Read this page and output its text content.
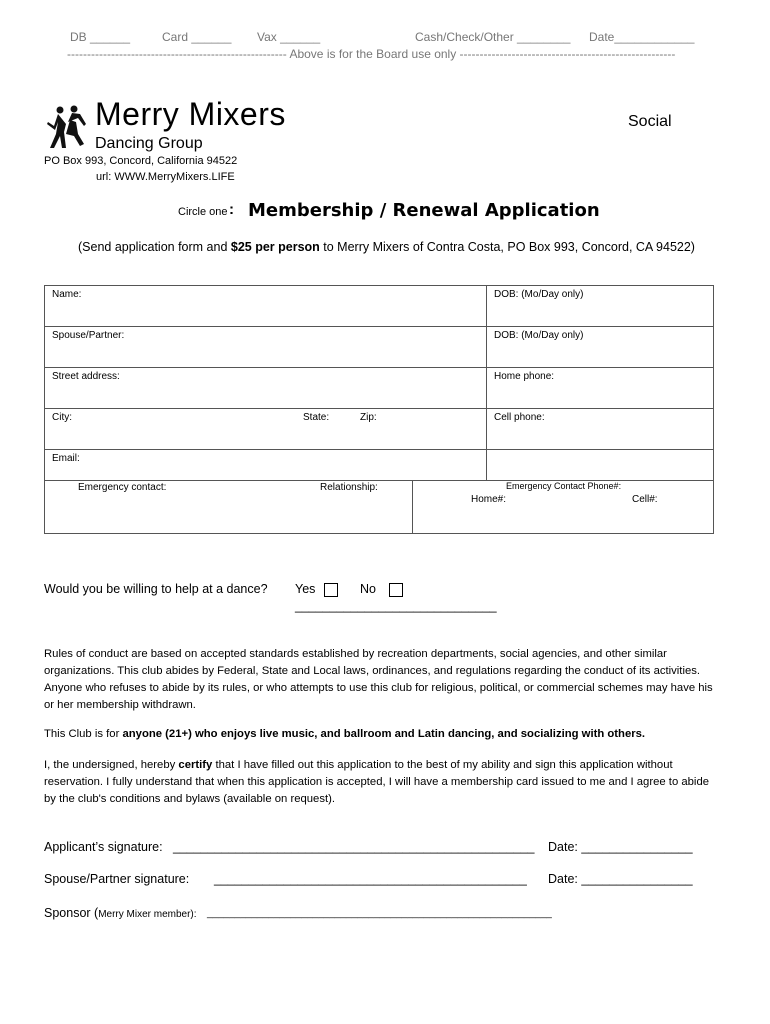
DB ______	Card ______ Vax ______	Cash/Check/Other ________ Date____________
------------------------------------------------------- Above is for the Board use only ------------------------------------------------------
Merry Mixers
Dancing Group
PO Box 993, Concord, California 94522
url: WWW.MerryMixers.LIFE
Social
Circle one : Membership / Renewal Application
(Send application form and $25 per person to Merry Mixers of Contra Costa, PO Box 993, Concord, CA 94522)
Name:	DOB: (Mo/Day only)
Spouse/Partner:	DOB: (Mo/Day only)
Street address:	Home phone:

City: State: Zip:	Cell phone:
Email:	

Emergency contact: Relationship: Emergency Contact Phone#:
Home#: Cell#:	
Would you be willing to help at a dance? Yes	No
_____________________________
Rules of conduct are based on accepted standards established by recreation departments, social agencies, and other similar organizations. This club abides by Federal, State and Local laws, ordinances, and regulations regarding the conduct of its activities. Anyone who refuses to abide by its rules, or who attempts to use this club for religious, political, or commercial schemes may have his or her membership withdrawn.
This Club is for anyone (21+) who enjoys live music, and ballroom and Latin dancing, and socializing with others.
I, the undersigned, hereby certify that I have filled out this application to the best of my ability and sign this application without reservation. I fully understand that when this application is accepted, I will have a membership card issued to me and I agree to abide by the club's conditions and bylaws (available on request).
Applicant’s signature: ____________________________________________________ Date: ________________
Spouse/Partner signature: _____________________________________________ Date: ________________
Sponsor (Merry Mixer member): ______________________________________________________________
